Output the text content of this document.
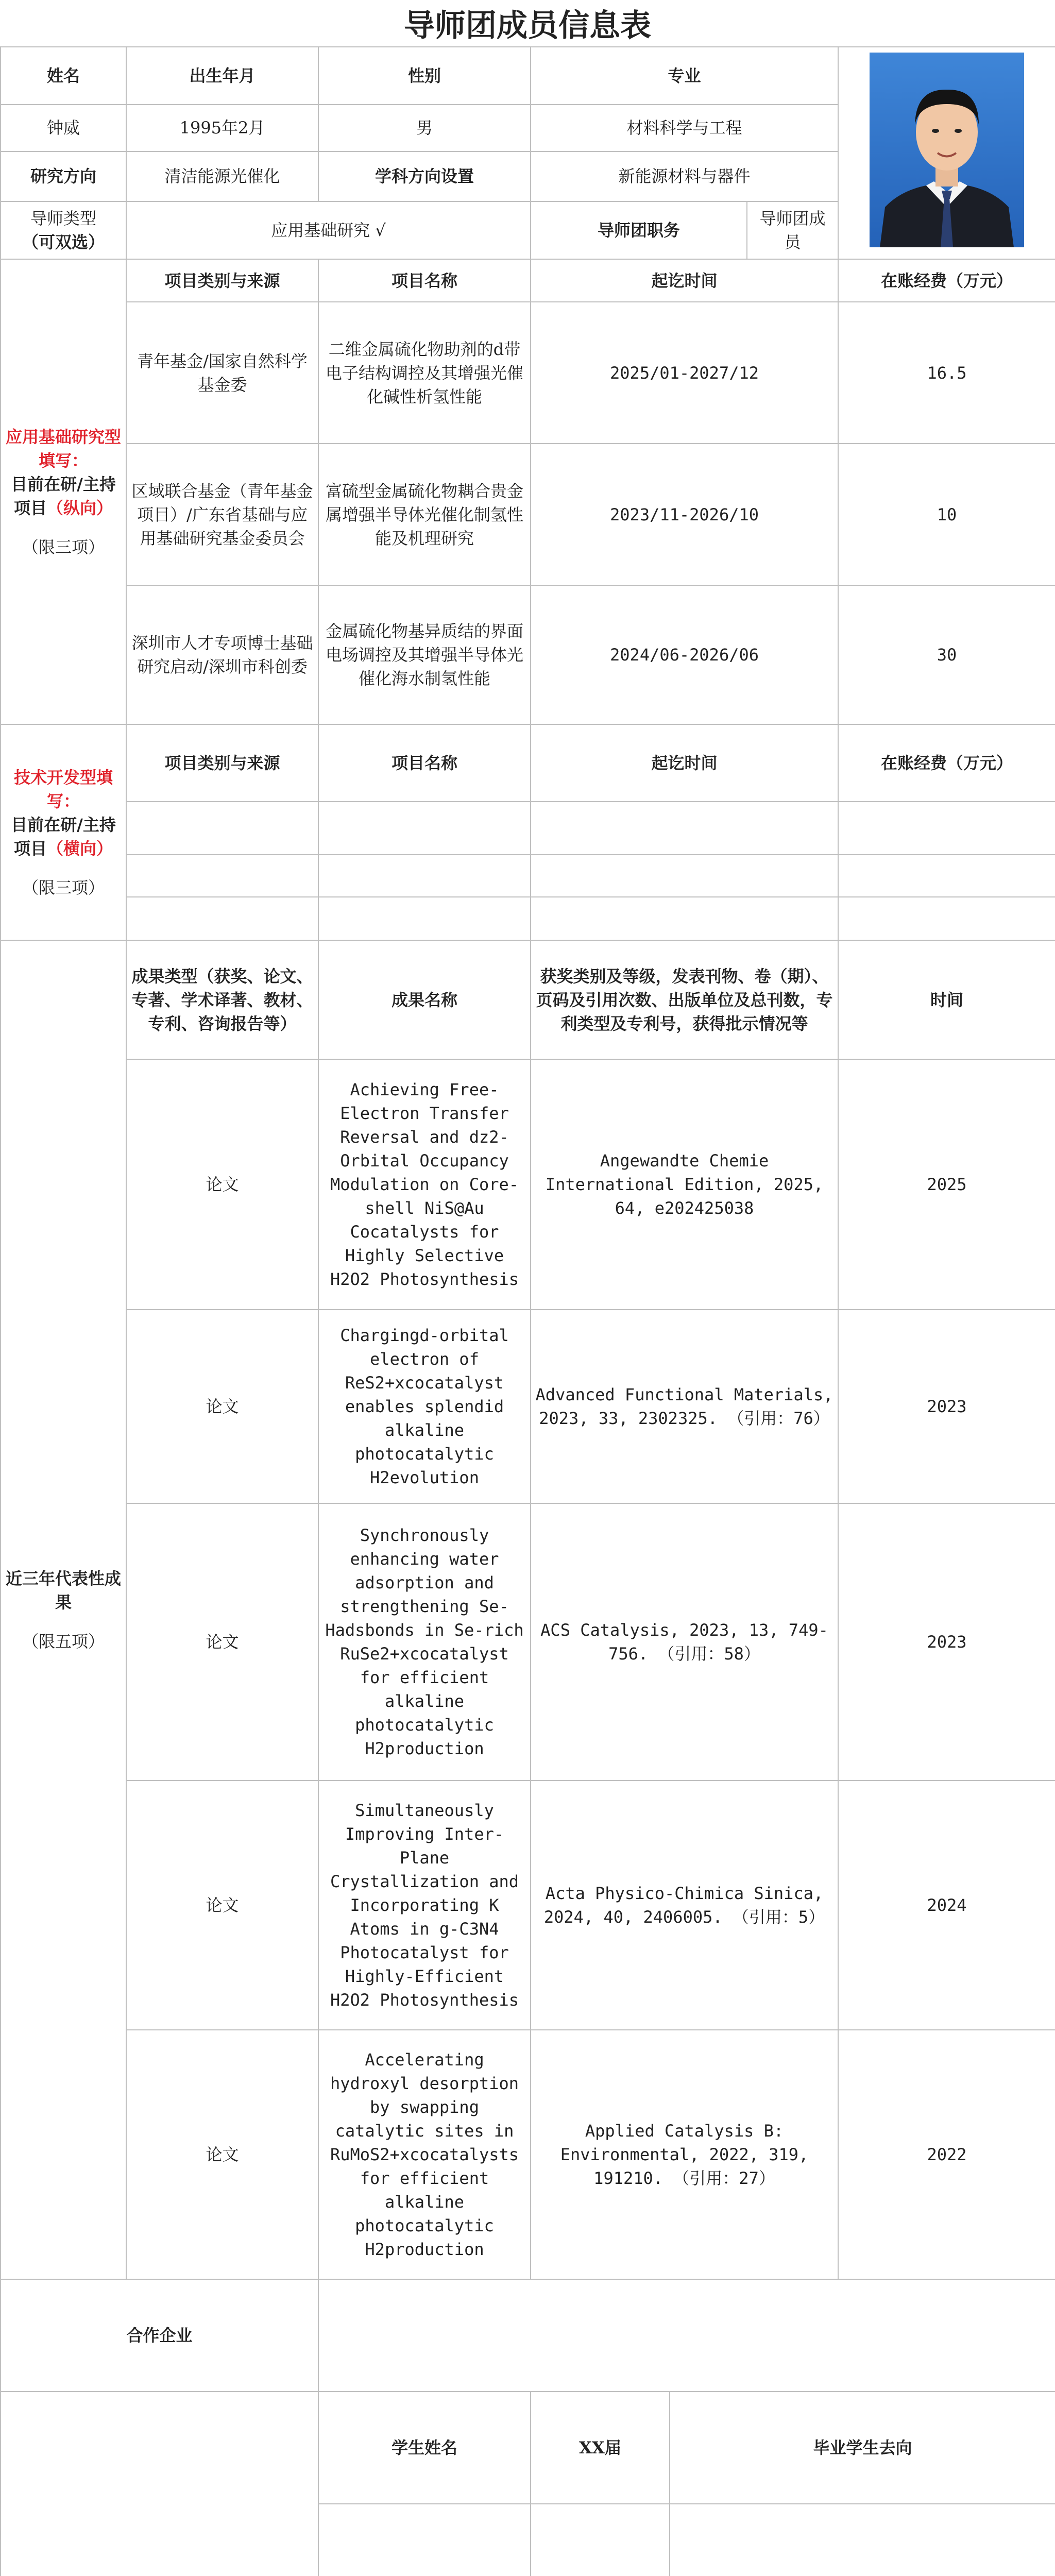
导师团成员信息表
姓名	出生年月	性别	专业	
钟威	1995年2月	男	材料科学与工程			
研究方向	清洁能源光催化	学科方向设置	新能源材料与器件			

导师类型
（可双选）	应用基础研究 √		导师团职务		导师团成员	

应用基础研究型填写：
目前在研/主持项目（纵向）
（限三项）	项目类别与来源	项目名称	起讫时间			在账经费（万元）
	青年基金/国家自然科学基金委	二维金属硫化物助剂的d带电子结构调控及其增强光催化碱性析氢性能	2025/01-2027/12			16.5
	区域联合基金（青年基金项目）/广东省基础与应用基础研究基金委员会	富硫型金属硫化物耦合贵金属增强半导体光催化制氢性能及机理研究	2023/11-2026/10			10
	深圳市人才专项博士基础研究启动/深圳市科创委	金属硫化物基异质结的界面电场调控及其增强半导体光催化海水制氢性能	2024/06-2026/06			30

技术开发型填写：
目前在研/主持项目（横向）
（限三项）	项目类别与来源	项目名称	起讫时间			在账经费（万元）

近三年代表性成果
（限五项）	成果类型（获奖、论文、专著、学术译著、教材、专利、咨询报告等）	成果名称	获奖类别及等级，发表刊物、卷（期）、页码及引用次数、出版单位及总刊数，专利类型及专利号，获得批示情况等			时间
	论文	Achieving Free-Electron Transfer Reversal and dz2-Orbital Occupancy Modulation on Core-shell NiS@Au Cocatalysts for Highly Selective H2O2 Photosynthesis	Angewandte Chemie International Edition, 2025, 64, e202425038			2025
	论文	Chargingd-orbital electron of ReS2+xcocatalyst enables splendid alkaline photocatalytic H2evolution	Advanced Functional Materials, 2023, 33, 2302325. （引用：76）			2023
	论文	Synchronously enhancing water adsorption and strengthening Se-Hadsbonds in Se-rich RuSe2+xcocatalyst for efficient alkaline photocatalytic H2production	ACS Catalysis, 2023, 13, 749-756. （引用：58）			2023
	论文	Simultaneously Improving Inter-Plane Crystallization and Incorporating K Atoms in g-C3N4 Photocatalyst for Highly-Efficient H2O2 Photosynthesis	Acta Physico-Chimica Sinica, 2024, 40, 2406005. （引用：5）			2024
	论文	Accelerating hydroxyl desorption by swapping catalytic sites in RuMoS2+xcocatalysts for efficient alkaline photocatalytic H2production	Applied Catalysis B: Environmental, 2022, 319, 191210. （引用：27）			2022
合作企业						
	学生姓名	XX届	毕业学生去向		
